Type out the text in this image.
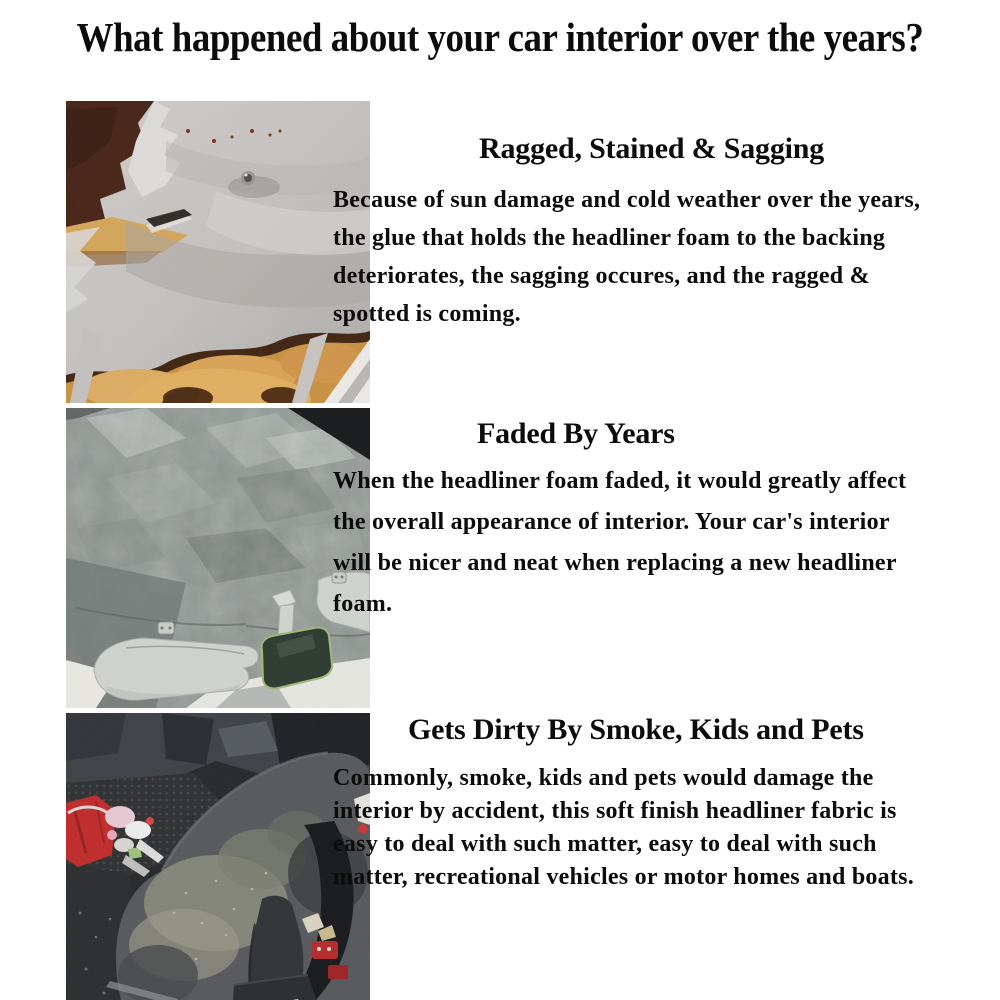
What happened about your car interior over the years?
Ragged, Stained & Sagging
Because of sun damage and cold weather over the years,
the glue that holds the headliner foam to the backing
deteriorates, the sagging occures, and the ragged &
spotted is coming.
Faded By Years
When the headliner foam faded, it would greatly affect
the overall appearance of interior. Your car's interior
will be nicer and neat when replacing a new headliner
foam.
Gets Dirty By Smoke, Kids and Pets
Commonly, smoke, kids and pets would damage the
interior by accident, this soft finish headliner fabric is
easy to deal with such matter, easy to deal with such
matter, recreational vehicles or motor homes and boats.
